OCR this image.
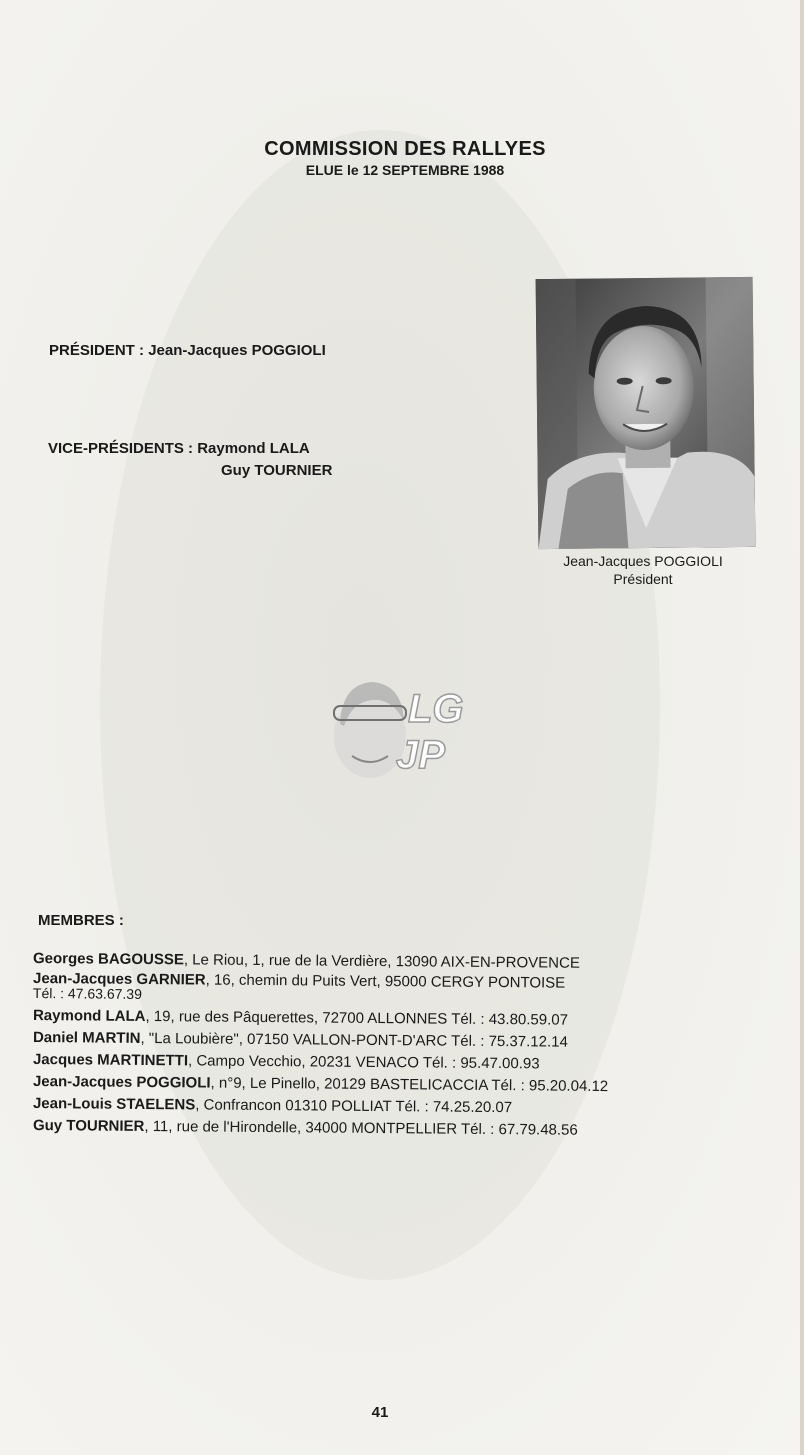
COMMISSION DES RALLYES
ELUE le 12 SEPTEMBRE 1988
PRÉSIDENT : Jean-Jacques POGGIOLI
VICE-PRÉSIDENTS : Raymond LALA
Guy TOURNIER
Jean-Jacques POGGIOLI
Président
LG
JP
MEMBRES :
Georges BAGOUSSE, Le Riou, 1, rue de la Verdière, 13090 AIX-EN-PROVENCE
Jean-Jacques GARNIER, 16, chemin du Puits Vert, 95000 CERGY PONTOISE
Tél. : 47.63.67.39
Raymond LALA, 19, rue des Pâquerettes, 72700 ALLONNES Tél. : 43.80.59.07
Daniel MARTIN, "La Loubière", 07150 VALLON-PONT-D'ARC Tél. : 75.37.12.14
Jacques MARTINETTI, Campo Vecchio, 20231 VENACO Tél. : 95.47.00.93
Jean-Jacques POGGIOLI, n°9, Le Pinello, 20129 BASTELICACCIA Tél. : 95.20.04.12
Jean-Louis STAELENS, Confrancon 01310 POLLIAT Tél. : 74.25.20.07
Guy TOURNIER, 11, rue de l'Hirondelle, 34000 MONTPELLIER Tél. : 67.79.48.56
41
